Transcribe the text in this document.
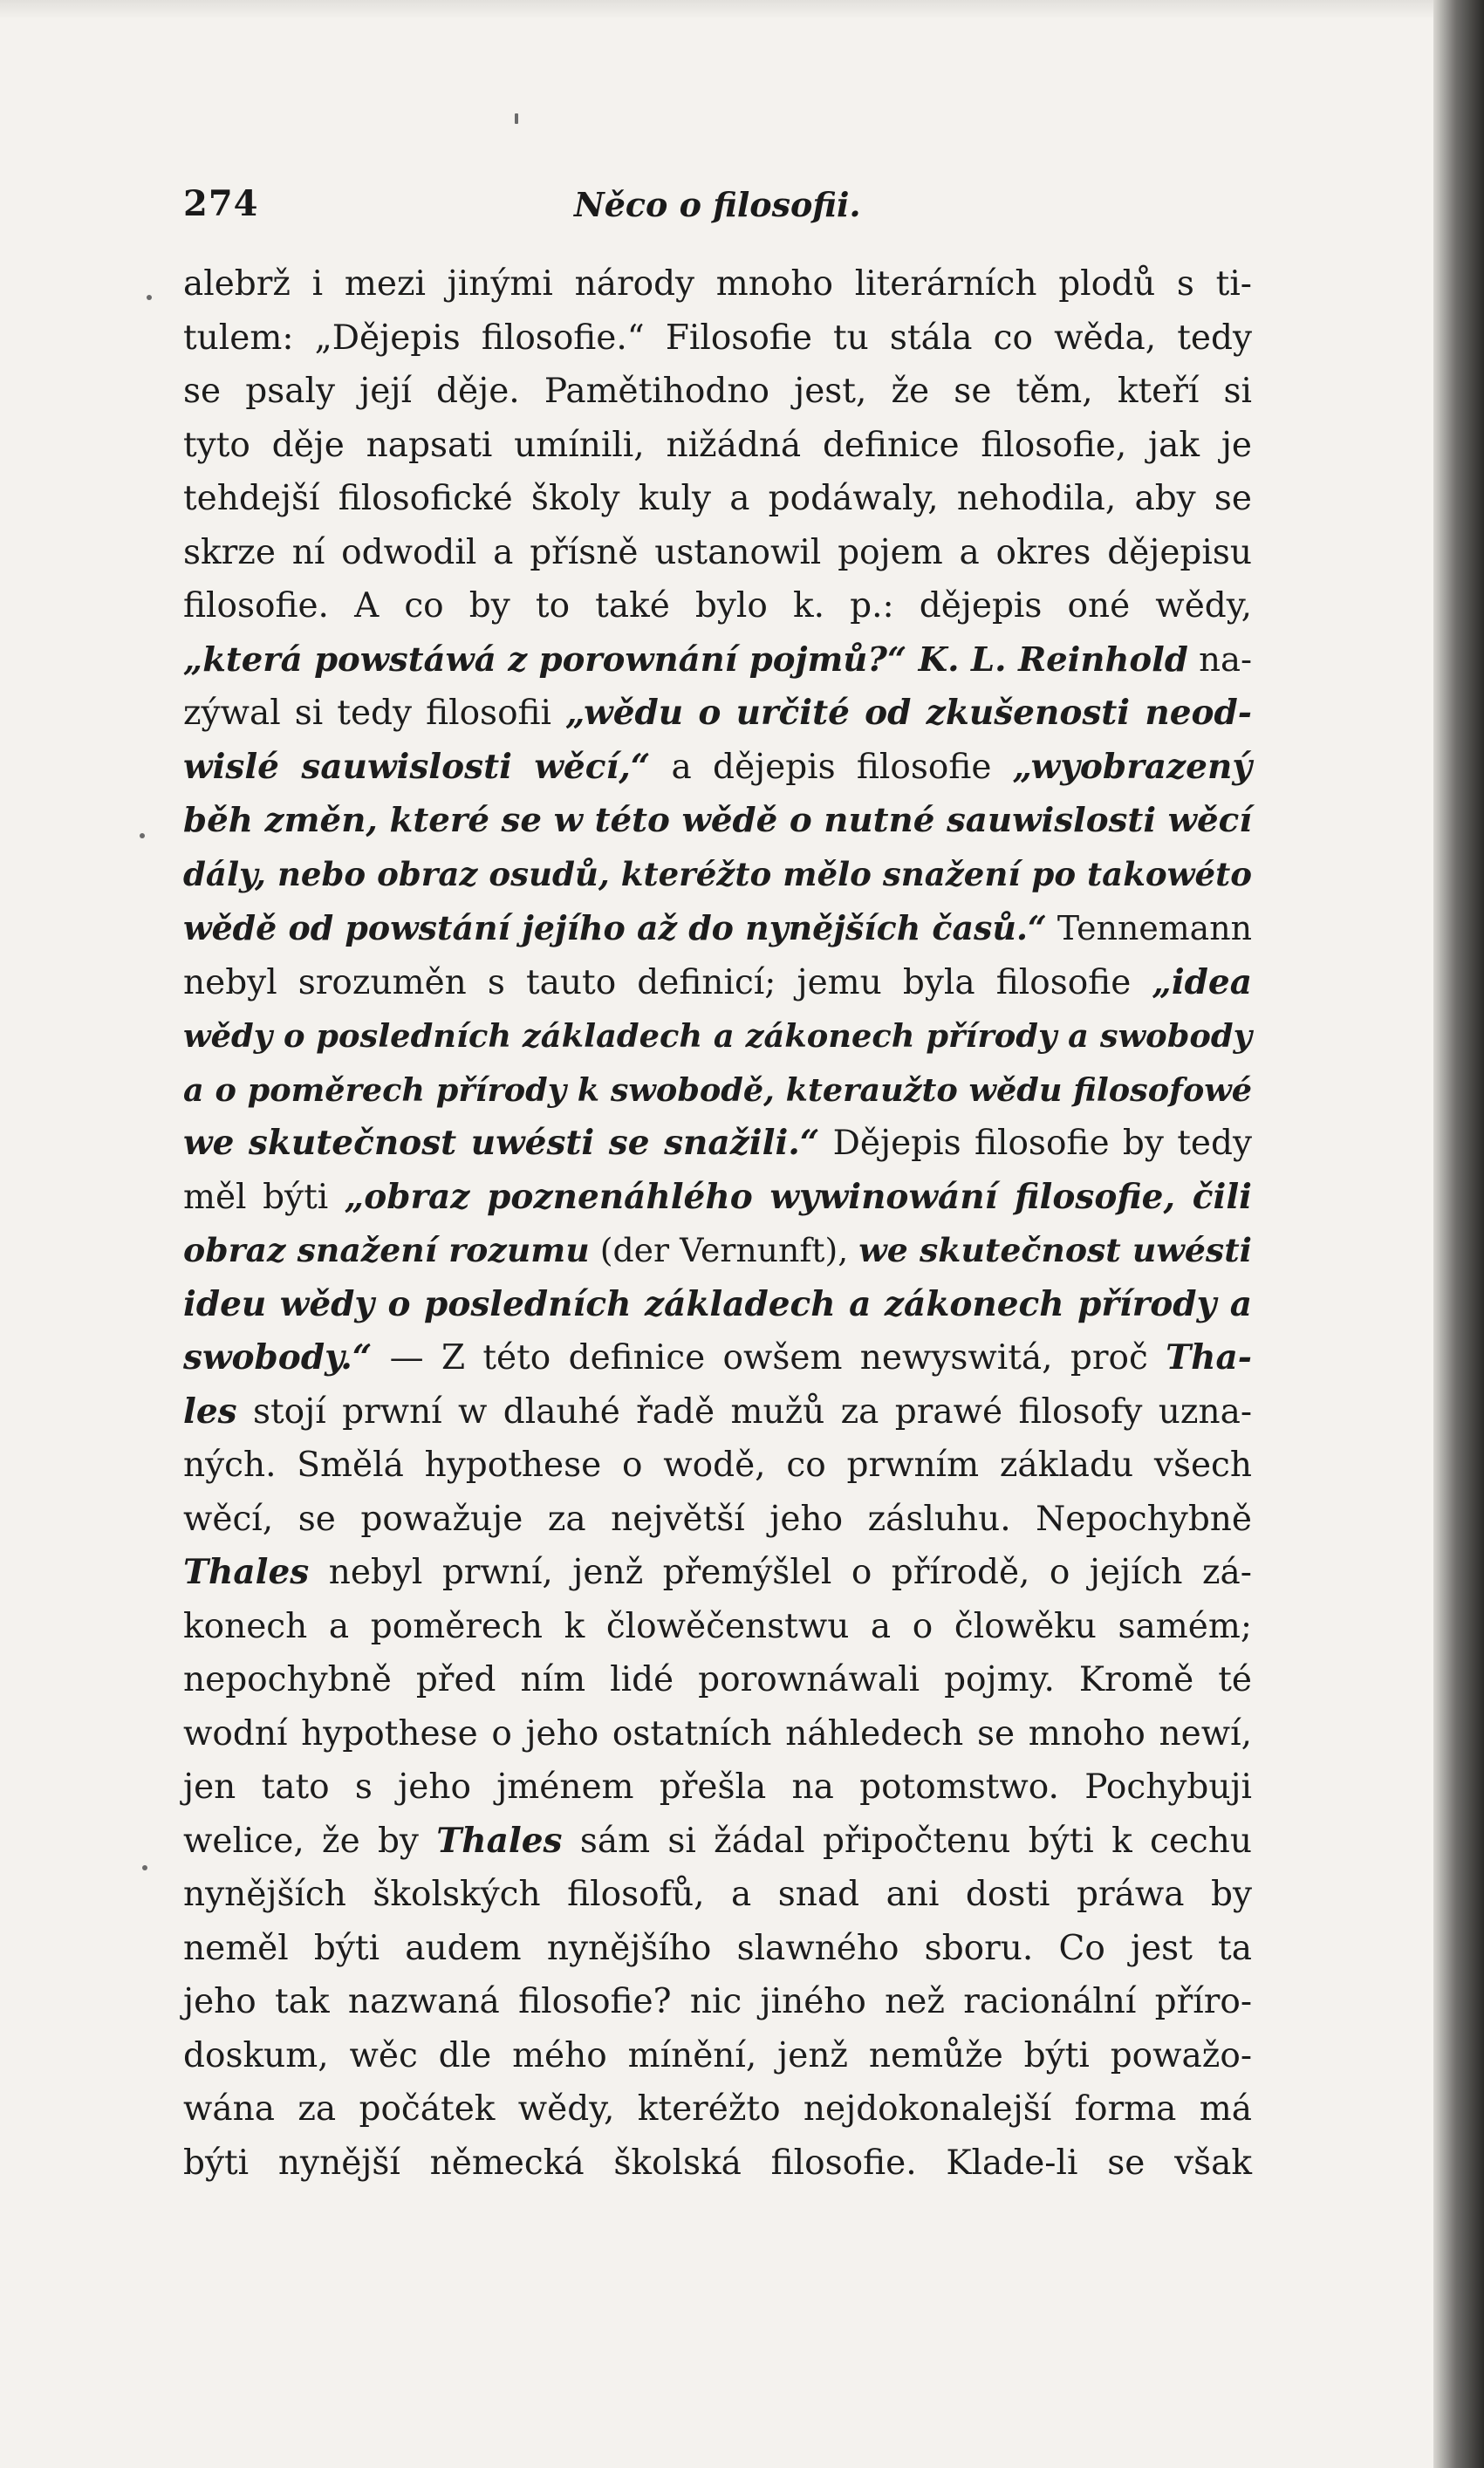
274	Něco o filosofii.
alebrž i mezi jinými národy mnoho literárních plodů s ti-
tulem: „Dějepis filosofie.“ Filosofie tu stála co wěda, tedy
se psaly její děje. Pamětihodno jest, že se těm, kteří si
tyto děje napsati umínili, nižádná definice filosofie, jak je
tehdejší filosofické školy kuly a podáwaly, nehodila, aby se
skrze ní odwodil a přísně ustanowil pojem a okres dějepisu
filosofie. A co by to také bylo k. p.: dějepis oné wědy,
„která powstáwá z porownání pojmů?“ K. L. Reinhold na-
zýwal si tedy filosofii „wědu o určité od zkušenosti neod-
wislé sauwislosti wěcí,“ a dějepis filosofie „wyobrazený
běh změn, které se w této wědě o nutné sauwislosti wěcí
dály, nebo obraz osudů, kteréžto mělo snažení po takowéto
wědě od powstání jejího až do nynějších časů.“ Tennemann
nebyl srozuměn s tauto definicí; jemu byla filosofie „idea
wědy o posledních základech a zákonech přírody a swobody
a o poměrech přírody k swobodě, kteraužto wědu filosofowé
we skutečnost uwésti se snažili.“ Dějepis filosofie by tedy
měl býti „obraz poznenáhlého wywinowání filosofie, čili
obraz snažení rozumu (der Vernunft), we skutečnost uwésti
ideu wědy o posledních základech a zákonech přírody a
swobody.“ — Z této definice owšem newyswitá, proč Tha-
les stojí prwní w dlauhé řadě mužů za prawé filosofy uzna-
ných. Smělá hypothese o wodě, co prwním základu všech
wěcí, se powažuje za největší jeho zásluhu. Nepochybně
Thales nebyl prwní, jenž přemýšlel o přírodě, o jejích zá-
konech a poměrech k člowěčenstwu a o člowěku samém;
nepochybně před ním lidé porownáwali pojmy. Kromě té
wodní hypothese o jeho ostatních náhledech se mnoho newí,
jen tato s jeho jménem přešla na potomstwo. Pochybuji
welice, že by Thales sám si žádal připočtenu býti k cechu
nynějších školských filosofů, a snad ani dosti práwa by
neměl býti audem nynějšího slawného sboru. Co jest ta
jeho tak nazwaná filosofie? nic jiného než racionální příro-
doskum, wěc dle mého mínění, jenž nemůže býti powažo-
wána za počátek wědy, kteréžto nejdokonalejší forma má
býti nynější německá školská filosofie. Klade-li se však
